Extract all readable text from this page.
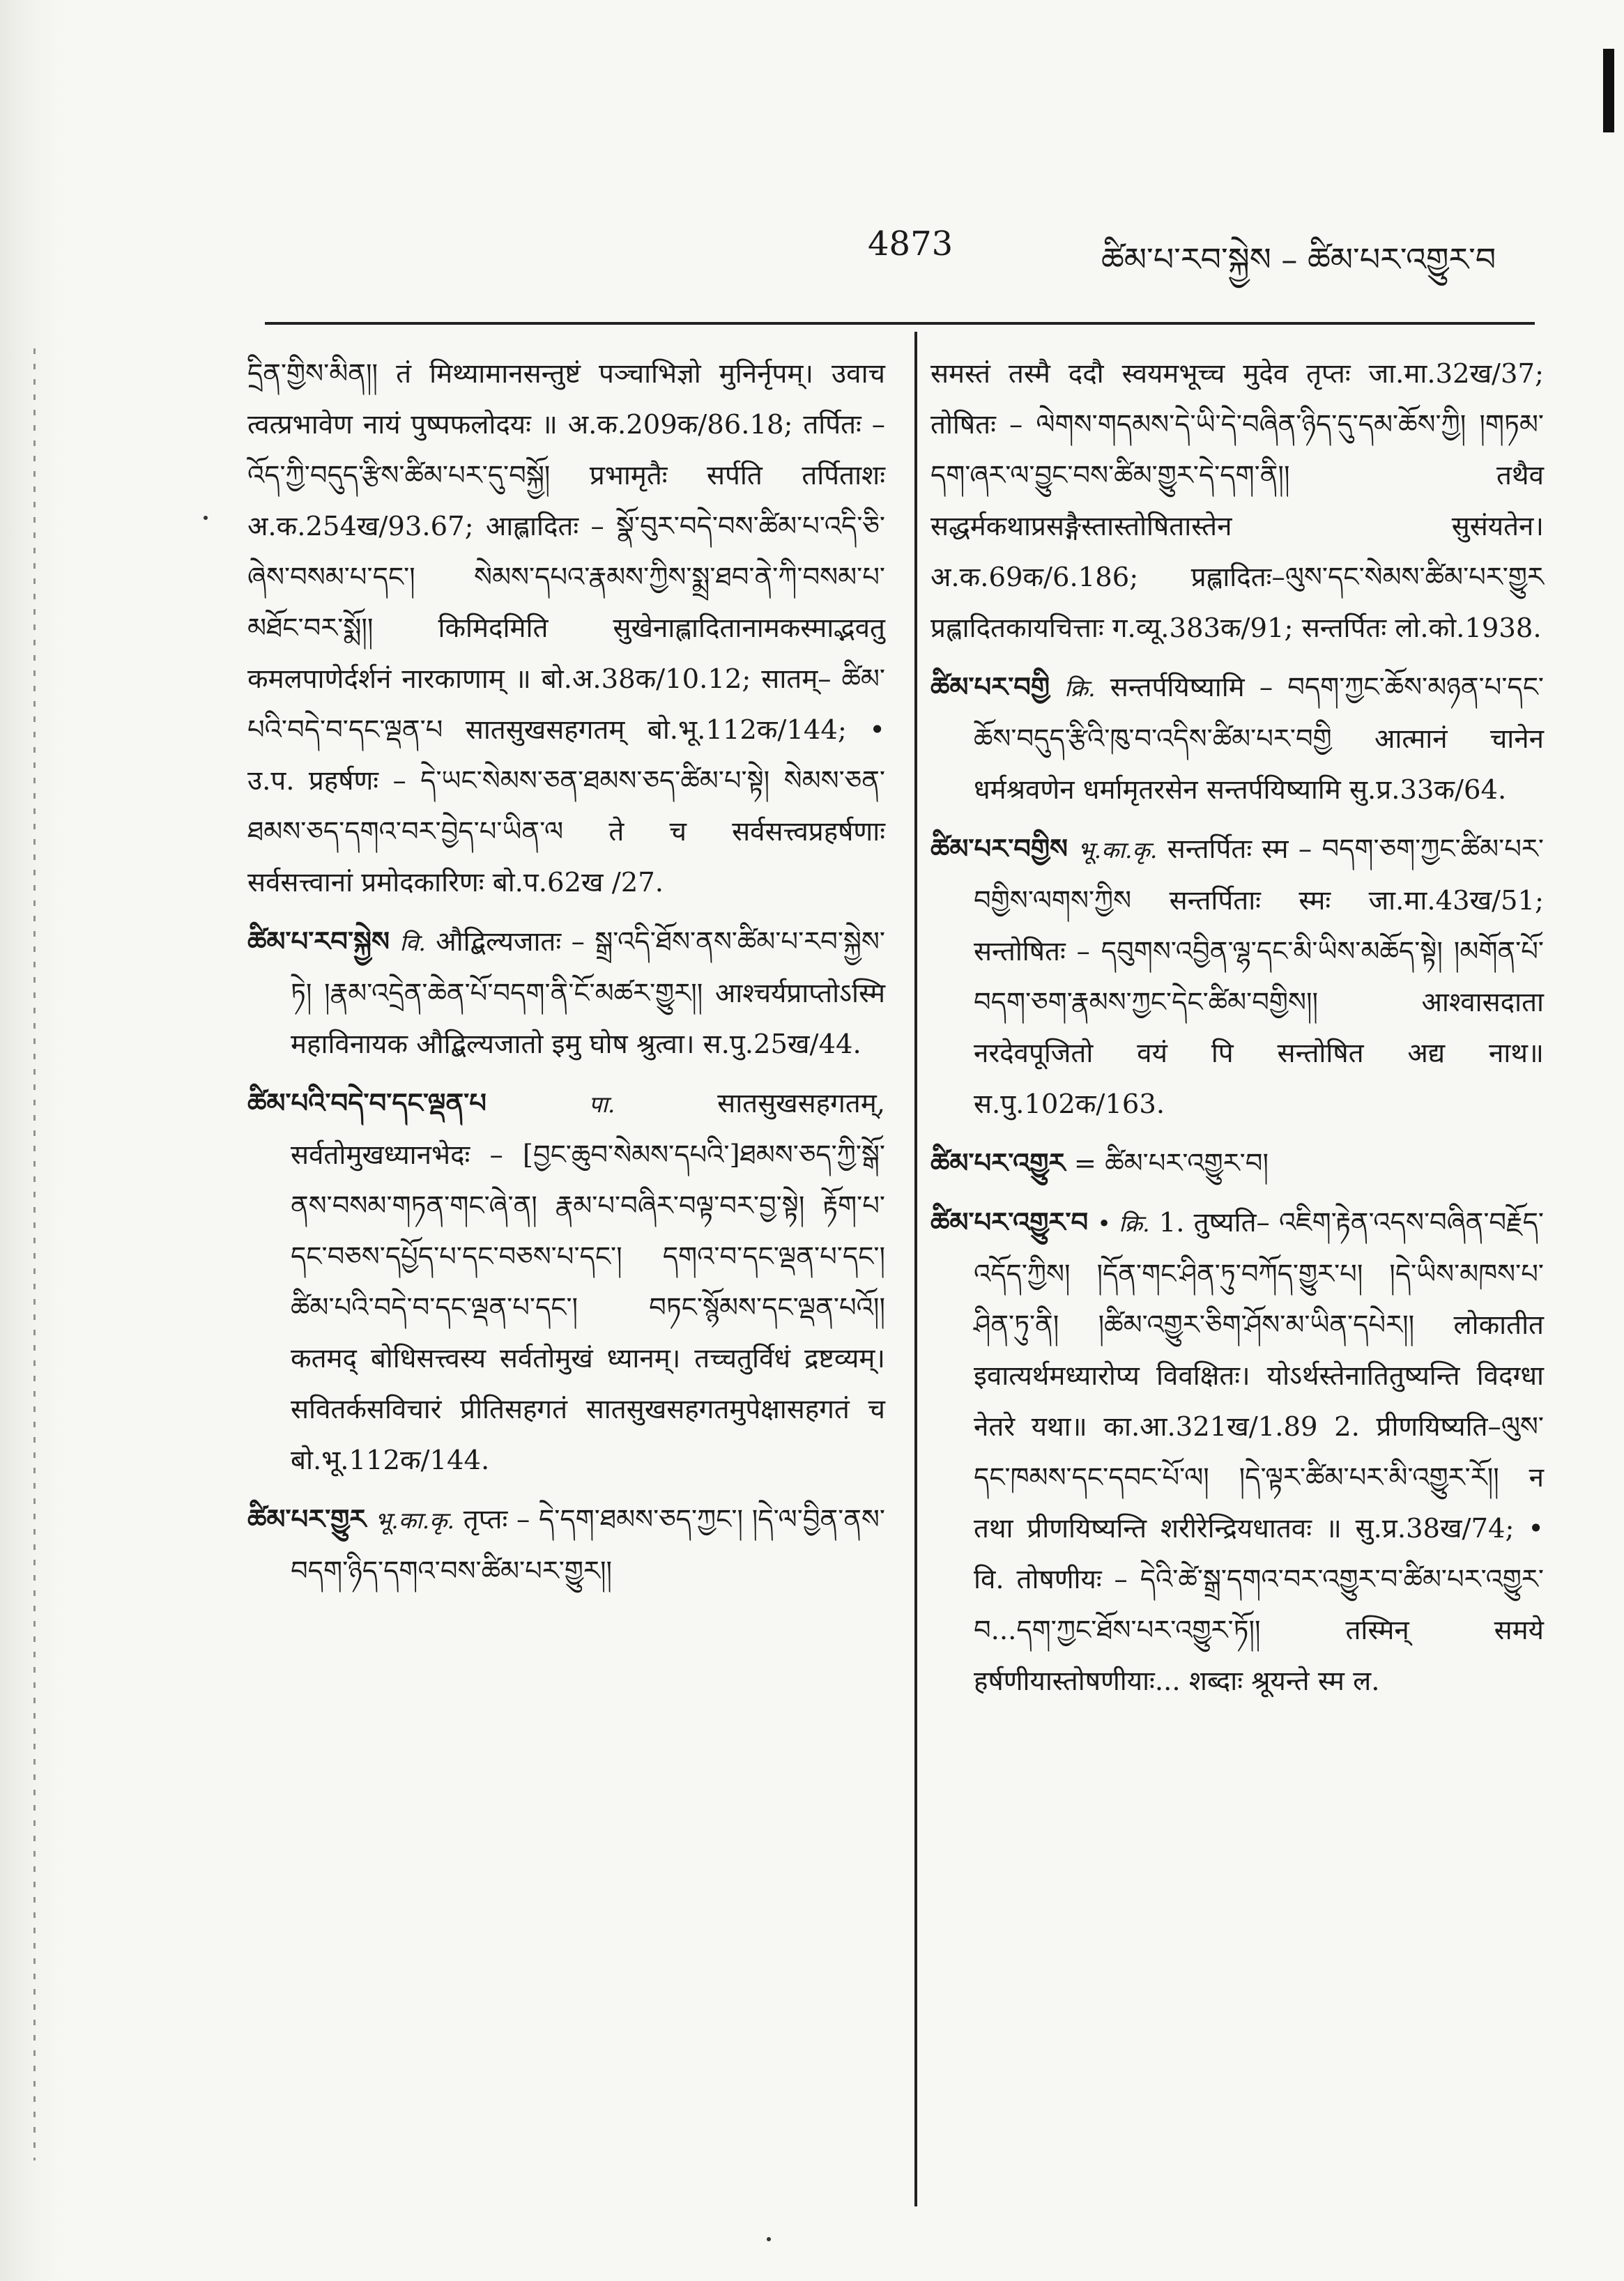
4873	ཚིམ་པ་རབ་སྐྱེས – ཚིམ་པར་འགྱུར་བ

དྲིན་གྱིས་མིན།། तं मिथ्यामानसन्तुष्टं पञ्चाभिज्ञो मुनिर्नृपम्। उवाच त्वत्प्रभावेण नायं पुष्पफलोदयः ॥ अ.क.209क/86.18; तर्पितः – འོད་ཀྱི་བདུད་རྩིས་ཚིམ་པར་དུ་བསྐྱོ། प्रभामृतैः सर्पति तर्पिताशः अ.क.254ख/93.67; आह्लादितः – སྣོ་བུར་བདེ་བས་ཚིམ་པ་འདི་ཅི་ཞེས་བསམ་པ་དང་། སེམས་དཔའ་རྣམས་ཀྱིས་སྨྲ་ཐབ་ནེ་ཀི་བསམ་པ་མཐོང་བར་སྨོ།། किमिदमिति सुखेनाह्लादितानामकस्माद्भवतु कमलपाणेर्दर्शनं नारकाणाम् ॥ बो.अ.38क/10.12; सातम्– ཚིམ་པའི་བདེ་བ་དང་ལྡན་པ सातसुखसहगतम् बो.भू.112क/144; • उ.प. प्रहर्षणः – དེ་ཡང་སེམས་ཅན་ཐམས་ཅད་ཚིམ་པ་སྟེ། སེམས་ཅན་ཐམས་ཅད་དགའ་བར་བྱེད་པ་ཡིན་ལ ते च सर्वसत्त्वप्रहर्षणाः सर्वसत्त्वानां प्रमोदकारिणः बो.प.62ख /27.

ཚིམ་པ་རབ་སྐྱེས वि. औद्बिल्यजातः – སྒྲ་འདི་ཐོས་ནས་ཚིམ་པ་རབ་སྐྱེས་ཏེ། །རྣམ་འདྲེན་ཆེན་པོ་བདག་ནི་ངོ་མཚར་གྱུར།། आश्चर्यप्राप्तोऽस्मि महाविनायक औद्बिल्यजातो इमु घोष श्रुत्वा। स.पु.25ख/44.

ཚིམ་པའི་བདེ་བ་དང་ལྡན་པ	पा.	सातसुखसहगतम्, सर्वतोमुखध्यानभेदः – [བྱང་ཆུབ་སེམས་དཔའི་]ཐམས་ཅད་ཀྱི་སྒོ་ནས་བསམ་གཏན་གང་ཞེ་ན། རྣམ་པ་བཞིར་བལྟ་བར་བྱ་སྟེ། རྟོག་པ་དང་བཅས་དཔྱོད་པ་དང་བཅས་པ་དང་། དགའ་བ་དང་ལྡན་པ་དང་། ཚིམ་པའི་བདེ་བ་དང་ལྡན་པ་དང་། བཏང་སྙོམས་དང་ལྡན་པའོ།། कतमद् बोधिसत्त्वस्य सर्वतोमुखं ध्यानम्। तच्चतुर्विधं द्रष्टव्यम्। सवितर्कसविचारं प्रीतिसहगतं सातसुखसहगतमुपेक्षासहगतं च बो.भू.112क/144.

ཚིམ་པར་གྱུར भू.का.कृ. तृप्तः – དེ་དག་ཐམས་ཅད་ཀྱང་། །དེ་ལ་བྱིན་ནས་བདག་ཉིད་དགའ་བས་ཚིམ་པར་གྱུར།།

समस्तं तस्मै ददौ स्वयमभूच्च मुदेव तृप्तः जा.मा.32ख/37; तोषितः – ལེགས་གདམས་དེ་ཡི་དེ་བཞིན་ཉིད་དུ་དམ་ཆོས་ཀྱི། །གཏམ་དག་ཞར་ལ་བྱུང་བས་ཚིམ་གྱུར་དེ་དག་ནི།། तथैव सद्धर्मकथाप्रसङ्गैस्तास्तोषितास्तेन सुसंयतेन। अ.क.69क/6.186; प्रह्लादितः–ལུས་དང་སེམས་ཚིམ་པར་གྱུར प्रह्लादितकायचित्ताः ग.व्यू.383क/91; सन्तर्पितः लो.को.1938.

ཚིམ་པར་བགྱི क्रि. सन्तर्पयिष्यामि – བདག་ཀྱང་ཆོས་མཉན་པ་དང་ཆོས་བདུད་རྩིའི་ཁུ་བ་འདིས་ཚིམ་པར་བགྱི आत्मानं चानेन धर्मश्रवणेन धर्मामृतरसेन सन्तर्पयिष्यामि सु.प्र.33क/64.

ཚིམ་པར་བགྱིས भू.का.कृ. सन्तर्पितः स्म – བདག་ཅག་ཀྱང་ཚིམ་པར་བགྱིས་ལགས་ཀྱིས सन्तर्पिताः स्मः जा.मा.43ख/51; सन्तोषितः – དབུགས་འབྱིན་ལྷ་དང་མི་ཡིས་མཆོད་སྟེ། །མགོན་པོ་བདག་ཅག་རྣམས་ཀྱང་དེང་ཚིམ་བགྱིས།། आश्वासदाता नरदेवपूजितो वयं पि सन्तोषित अद्य नाथ॥ स.पु.102क/163.

ཚིམ་པར་འགྱུར = ཚིམ་པར་འགྱུར་བ།

ཚིམ་པར་འགྱུར་བ • क्रि. 1. तुष्यति– འཇིག་རྟེན་འདས་བཞིན་བརྗོད་འདོད་ཀྱིས། །དོན་གང་ཤིན་ཏུ་བཀོད་གྱུར་པ། །དེ་ཡིས་མཁས་པ་ཤིན་ཏུ་ནི། །ཚིམ་འགྱུར་ཅིག་ཤོས་མ་ཡིན་དཔེར།། लोकातीत इवात्यर्थमध्यारोप्य विवक्षितः। योऽर्थस्तेनातितुष्यन्ति विदग्धा नेतरे यथा॥ का.आ.321ख/1.89 2. प्रीणयिष्यति–ལུས་དང་ཁམས་དང་དབང་པོ་ལ། །དེ་ལྟར་ཚིམ་པར་མི་འགྱུར་རོ།། न तथा प्रीणयिष्यन्ति शरीरेन्द्रियधातवः ॥ सु.प्र.38ख/74; • वि. तोषणीयः – དེའི་ཚེ་སྒྲ་དགའ་བར་འགྱུར་བ་ཚིམ་པར་འགྱུར་བ...དག་ཀྱང་ཐོས་པར་འགྱུར་ཏོ།། तस्मिन् समये हर्षणीयास्तोषणीयाः... शब्दाः श्रूयन्ते स्म ल.
